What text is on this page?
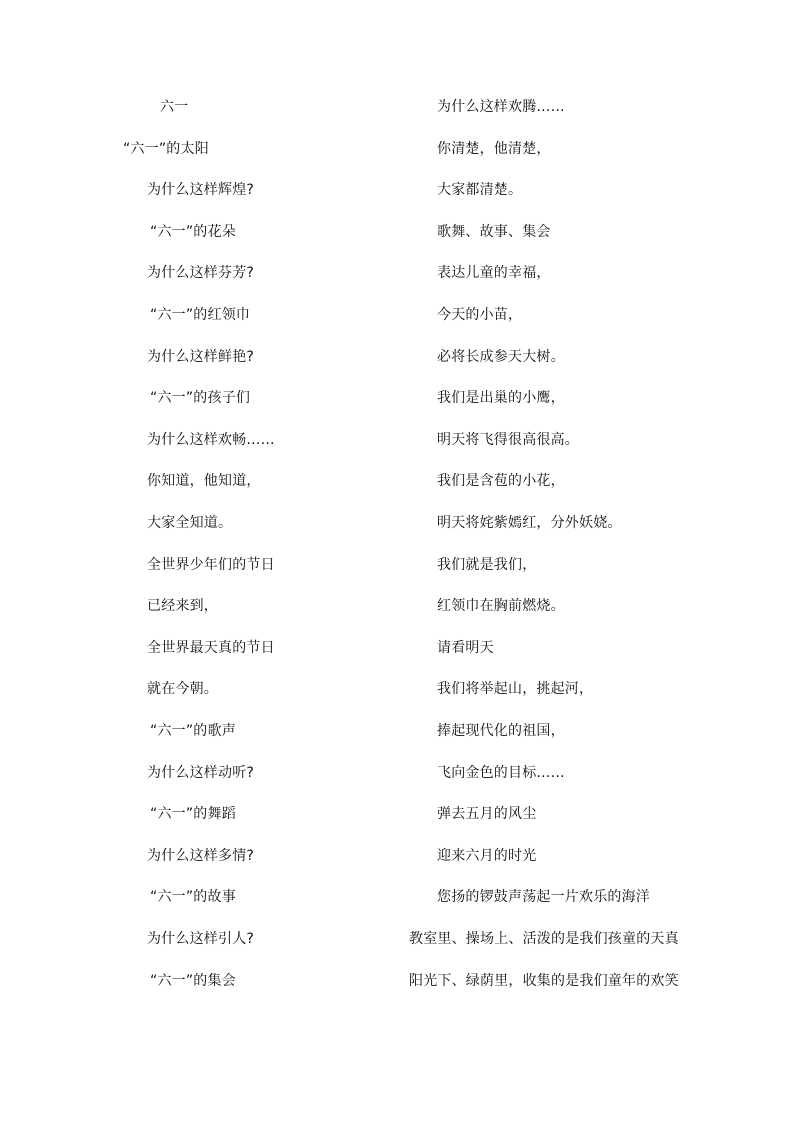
六一
“六一”的太阳
为什么这样辉煌?
“六一”的花朵
为什么这样芬芳?
“六一”的红领巾
为什么这样鲜艳?
“六一”的孩子们
为什么这样欢畅……
你知道，他知道，
大家全知道。
全世界少年们的节日
已经来到，
全世界最天真的节日
就在今朝。
“六一”的歌声
为什么这样动听?
“六一”的舞蹈
为什么这样多情?
“六一”的故事
为什么这样引人?
“六一”的集会
为什么这样欢腾……
你清楚，他清楚，
大家都清楚。
歌舞、故事、集会
表达儿童的幸福，
今天的小苗，
必将长成参天大树。
我们是出巢的小鹰，
明天将飞得很高很高。
我们是含苞的小花，
明天将姹紫嫣红，分外妖娆。
我们就是我们，
红领巾在胸前燃烧。
请看明天
我们将举起山，挑起河，
捧起现代化的祖国，
飞向金色的目标……
弹去五月的风尘
迎来六月的时光
您扬的锣鼓声荡起一片欢乐的海洋
教室里、操场上、活泼的是我们孩童的天真
阳光下、绿荫里，收集的是我们童年的欢笑
